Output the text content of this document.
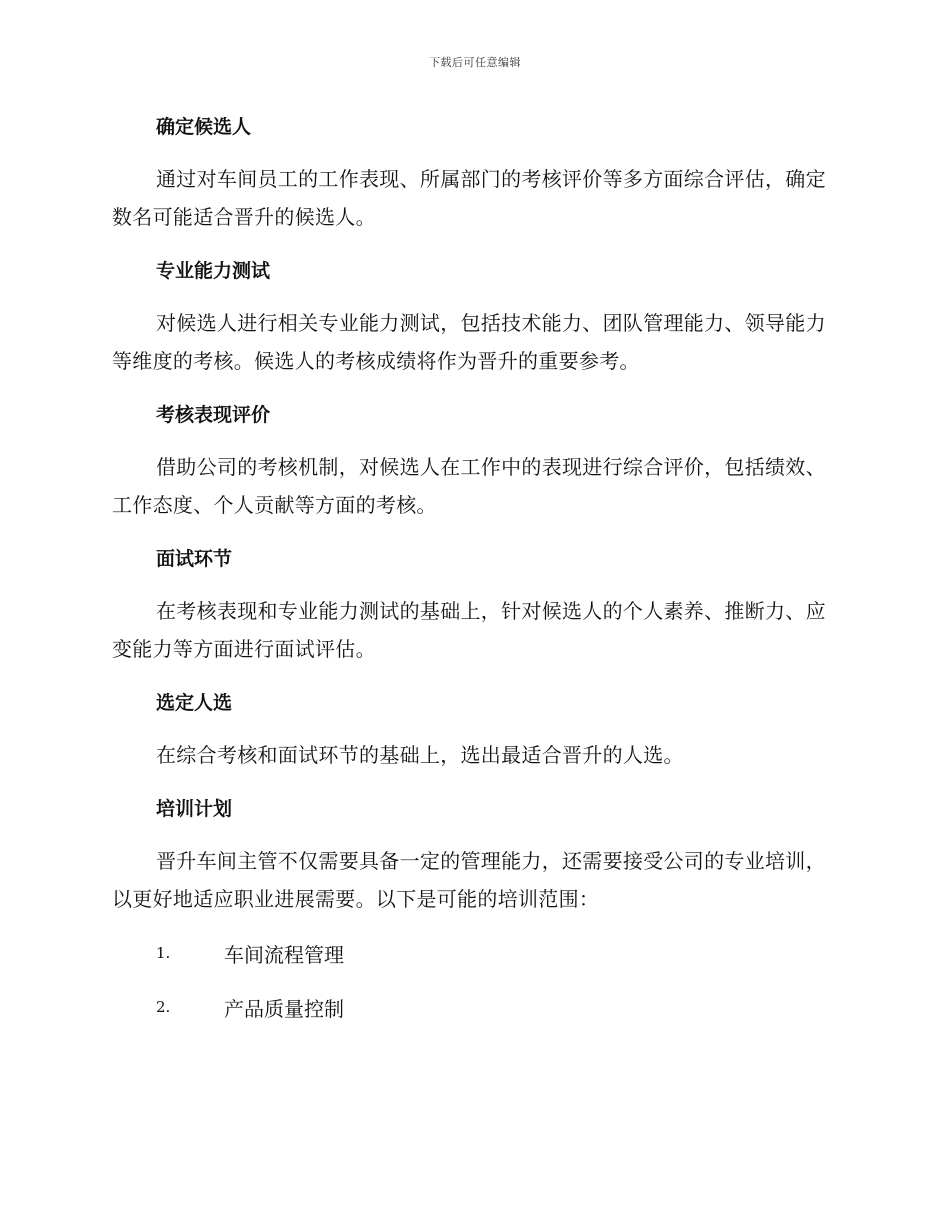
下载后可任意编辑
确定候选人

通过对车间员工的工作表现、所属部门的考核评价等多方面综合评估，确定数名可能适合晋升的候选人。

专业能力测试

对候选人进行相关专业能力测试，包括技术能力、团队管理能力、领导能力等维度的考核。候选人的考核成绩将作为晋升的重要参考。

考核表现评价

借助公司的考核机制，对候选人在工作中的表现进行综合评价，包括绩效、工作态度、个人贡献等方面的考核。

面试环节

在考核表现和专业能力测试的基础上，针对候选人的个人素养、推断力、应变能力等方面进行面试评估。

选定人选

在综合考核和面试环节的基础上，选出最适合晋升的人选。

培训计划

晋升车间主管不仅需要具备一定的管理能力，还需要接受公司的专业培训，以更好地适应职业进展需要。以下是可能的培训范围：

1.	车间流程管理
2.	产品质量控制
